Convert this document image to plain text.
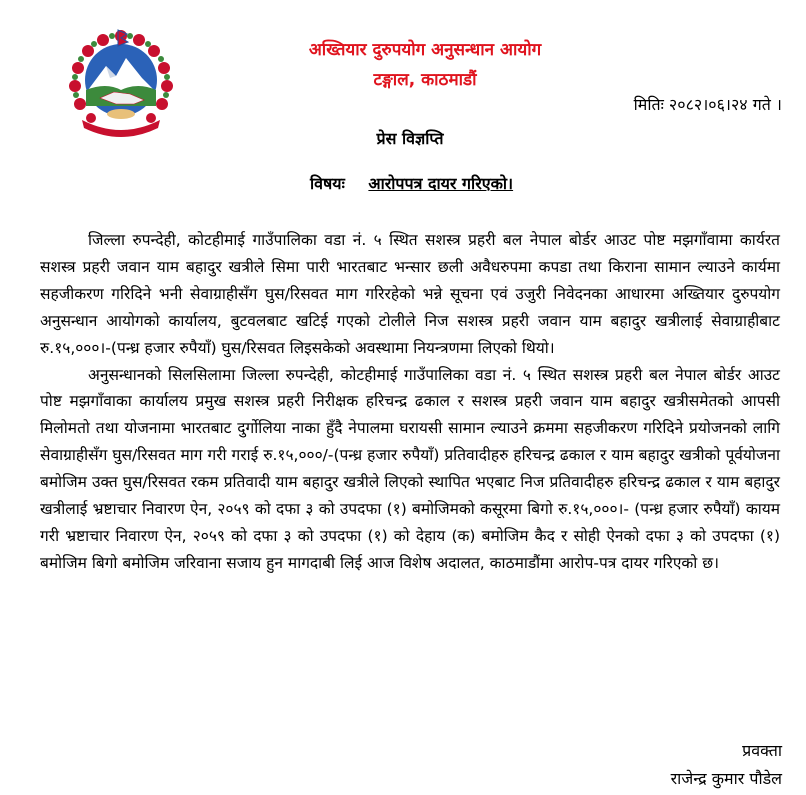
अख्तियार दुरुपयोग अनुसन्धान आयोग
टङ्गाल, काठमाडौं
मितिः २०८२।०६।२४ गते ।
प्रेस विज्ञप्ति
विषयः आरोपपत्र दायर गरिएको।

जिल्ला रुपन्देही, कोटहीमाई गाउँपालिका वडा नं. ५ स्थित सशस्त्र प्रहरी बल नेपाल बोर्डर आउट पोष्ट मझगाँवामा कार्यरत सशस्त्र प्रहरी जवान याम बहादुर खत्रीले सिमा पारी भारतबाट भन्सार छली अवैधरुपमा कपडा तथा किराना सामान ल्याउने कार्यमा सहजीकरण गरिदिने भनी सेवाग्राहीसँग घुस/रिसवत माग गरिरहेको भन्ने सूचना एवं उजुरी निवेदनका आधारमा अख्तियार दुरुपयोग अनुसन्धान आयोगको कार्यालय, बुटवलबाट खटिई गएको टोलीले निज सशस्त्र प्रहरी जवान याम बहादुर खत्रीलाई सेवाग्राहीबाट रु.१५,०००।-(पन्ध्र हजार रुपैयाँ) घुस/रिसवत लिइसकेको अवस्थामा नियन्त्रणमा लिएको थियो।

अनुसन्धानको सिलसिलामा जिल्ला रुपन्देही, कोटहीमाई गाउँपालिका वडा नं. ५ स्थित सशस्त्र प्रहरी बल नेपाल बोर्डर आउट पोष्ट मझगाँवाका कार्यालय प्रमुख सशस्त्र प्रहरी निरीक्षक हरिचन्द्र ढकाल र सशस्त्र प्रहरी जवान याम बहादुर खत्रीसमेतको आपसी मिलोमतो तथा योजनामा भारतबाट दुर्गोलिया नाका हुँदै नेपालमा घरायसी सामान ल्याउने क्रममा सहजीकरण गरिदिने प्रयोजनको लागि सेवाग्राहीसँग घुस/रिसवत माग गरी गराई रु.१५,०००/-(पन्ध्र हजार रुपैयाँ) प्रतिवादीहरु हरिचन्द्र ढकाल र याम बहादुर खत्रीको पूर्वयोजना बमोजिम उक्त घुस/रिसवत रकम प्रतिवादी याम बहादुर खत्रीले लिएको स्थापित भएबाट निज प्रतिवादीहरु हरिचन्द्र ढकाल र याम बहादुर खत्रीलाई भ्रष्टाचार निवारण ऐन, २०५९ को दफा ३ को उपदफा (१) बमोजिमको कसूरमा बिगो रु.१५,०००।- (पन्ध्र हजार रुपैयाँ) कायम गरी भ्रष्टाचार निवारण ऐन, २०५९ को दफा ३ को उपदफा (१) को देहाय (क) बमोजिम कैद र सोही ऐनको दफा ३ को उपदफा (१) बमोजिम बिगो बमोजिम जरिवाना सजाय हुन मागदाबी लिई आज विशेष अदालत, काठमाडौंमा आरोप-पत्र दायर गरिएको छ।

प्रवक्ता
राजेन्द्र कुमार पौडेल
